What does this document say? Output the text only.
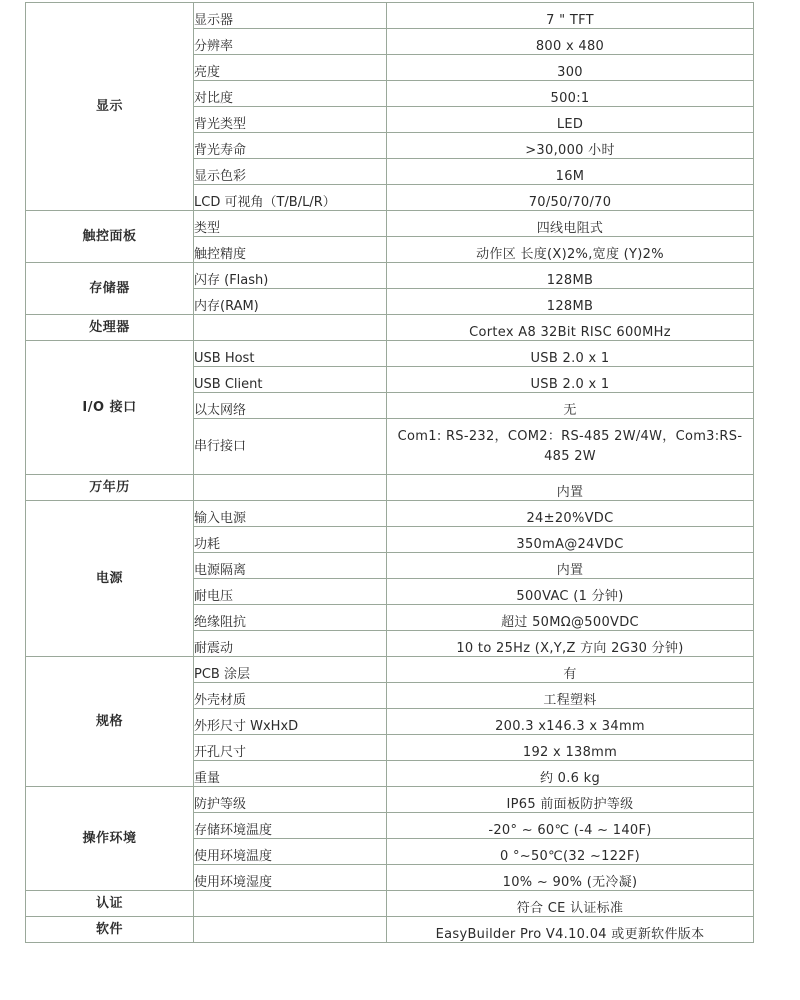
显示	显示器	7 " TFT
	分辨率	800 x 480
	亮度	300
	对比度	500:1
	背光类型	LED
	背光寿命	>30,000 小时
	显示色彩	16M
	LCD 可视角（T/B/L/R）	70/50/70/70
触控面板	类型	四线电阻式
	触控精度	动作区 长度(X)2%,宽度 (Y)2%
存储器	闪存 (Flash)	128MB
	内存(RAM)	128MB
处理器		Cortex A8 32Bit RISC 600MHz
I/O 接口	USB Host	USB 2.0 x 1
	USB Client	USB 2.0 x 1
	以太网络	无
	串行接口	Com1: RS-232，COM2：RS-485 2W/4W，Com3:RS-485 2W
万年历		内置
电源	输入电源	24±20%VDC
	功耗	350mA@24VDC
	电源隔离	内置
	耐电压	500VAC (1 分钟)
	绝缘阻抗	超过 50MΩ@500VDC
	耐震动	10 to 25Hz (X,Y,Z 方向 2G30 分钟)
规格	PCB 涂层	有
	外壳材质	工程塑料
	外形尺寸 WxHxD	200.3 x146.3 x 34mm
	开孔尺寸	192 x 138mm
	重量	约 0.6 kg
操作环境	防护等级	IP65 前面板防护等级
	存储环境温度	-20° ~ 60℃ (-4 ~ 140F)
	使用环境温度	0 °~50℃(32 ~122F)
	使用环境湿度	10% ~ 90% (无冷凝)
认证		符合 CE 认证标准
软件		EasyBuilder Pro V4.10.04 或更新软件版本
